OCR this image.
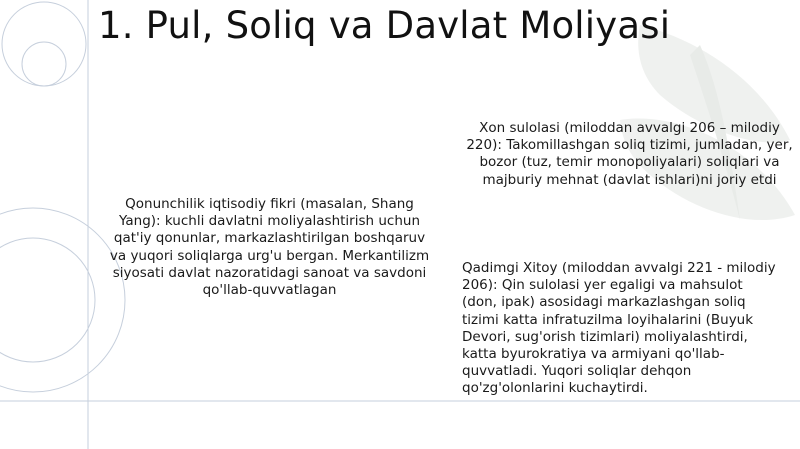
1. Pul, Soliq va Davlat Moliyasi

Xon sulolasi (miloddan avvalgi 206 – milodiy 220): Takomillashgan soliq tizimi, jumladan, yer, bozor (tuz, temir monopoliyalari) soliqlari va majburiy mehnat (davlat ishlari)ni joriy etdi

Qonunchilik iqtisodiy fikri (masalan, Shang Yang): kuchli davlatni moliyalashtirish uchun qat'iy qonunlar, markazlashtirilgan boshqaruv va yuqori soliqlarga urg'u bergan. Merkantilizm siyosati davlat nazoratidagi sanoat va savdoni qo'llab-quvvatlagan

Qadimgi Xitoy (miloddan avvalgi 221 - milodiy 206): Qin sulolasi yer egaligi va mahsulot (don, ipak) asosidagi markazlashgan soliq tizimi katta infratuzilma loyihalarini (Buyuk Devori, sug'orish tizimlari) moliyalashtirdi, katta byurokratiya va armiyani qo'llab-quvvatladi. Yuqori soliqlar dehqon qo'zg'olonlarini kuchaytirdi.
